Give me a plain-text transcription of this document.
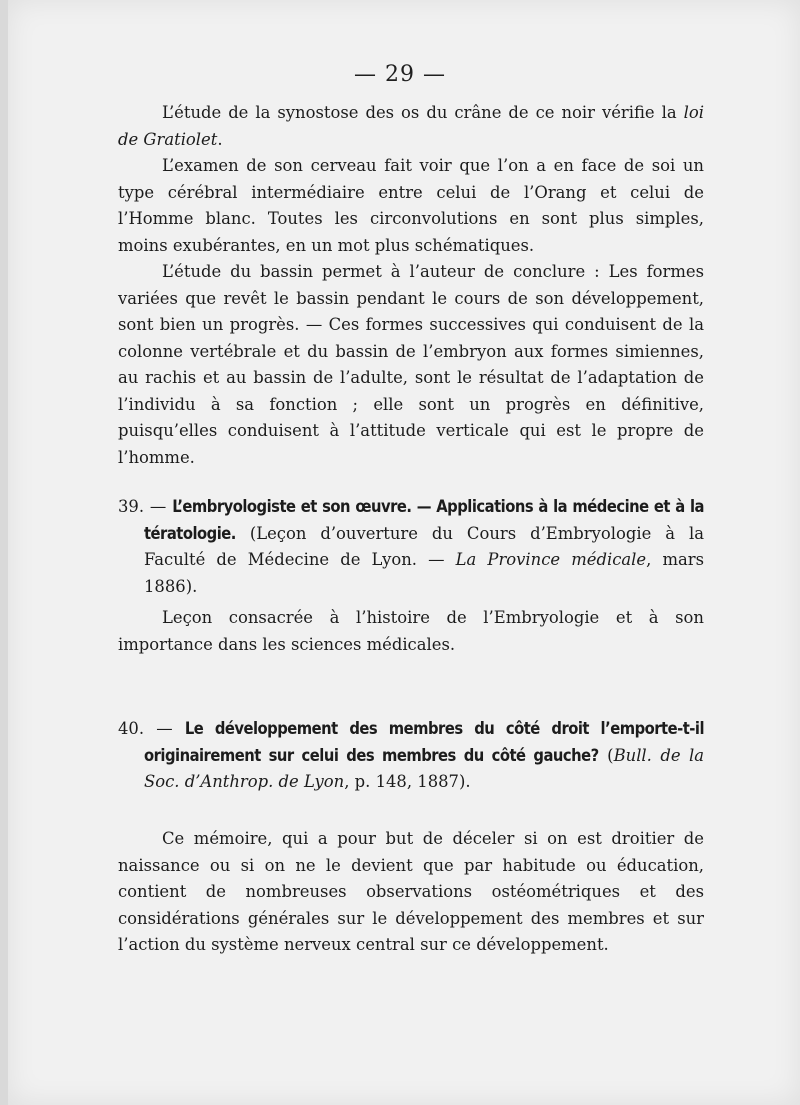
— 29 —

L’étude de la synostose des os du crâne de ce noir vérifie la loi de Gratiolet.

L’examen de son cerveau fait voir que l’on a en face de soi un type cérébral intermédiaire entre celui de l’Orang et celui de l’Homme blanc. Toutes les circonvolutions en sont plus simples, moins exubérantes, en un mot plus schématiques.

L’étude du bassin permet à l’auteur de conclure : Les formes variées que revêt le bassin pendant le cours de son développement, sont bien un progrès. — Ces formes successives qui conduisent de la colonne vertébrale et du bassin de l’embryon aux formes simiennes, au rachis et au bassin de l’adulte, sont le résultat de l’adaptation de l’individu à sa fonction ; elle sont un progrès en définitive, puisqu’elles conduisent à l’attitude verticale qui est le propre de l’homme.

39. — L’embryologiste et son œuvre. — Applications à la médecine et à la tératologie. (Leçon d’ouverture du Cours d’Embryologie à la Faculté de Médecine de Lyon. — La Province médicale, mars 1886).

Leçon consacrée à l’histoire de l’Embryologie et à son importance dans les sciences médicales.

40. — Le développement des membres du côté droit l’emporte-t-il originairement sur celui des membres du côté gauche? (Bull. de la Soc. d’Anthrop. de Lyon, p. 148, 1887).

Ce mémoire, qui a pour but de déceler si on est droitier de naissance ou si on ne le devient que par habitude ou éducation, contient de nombreuses observations ostéométriques et des considérations générales sur le développement des membres et sur l’action du système nerveux central sur ce développement.
